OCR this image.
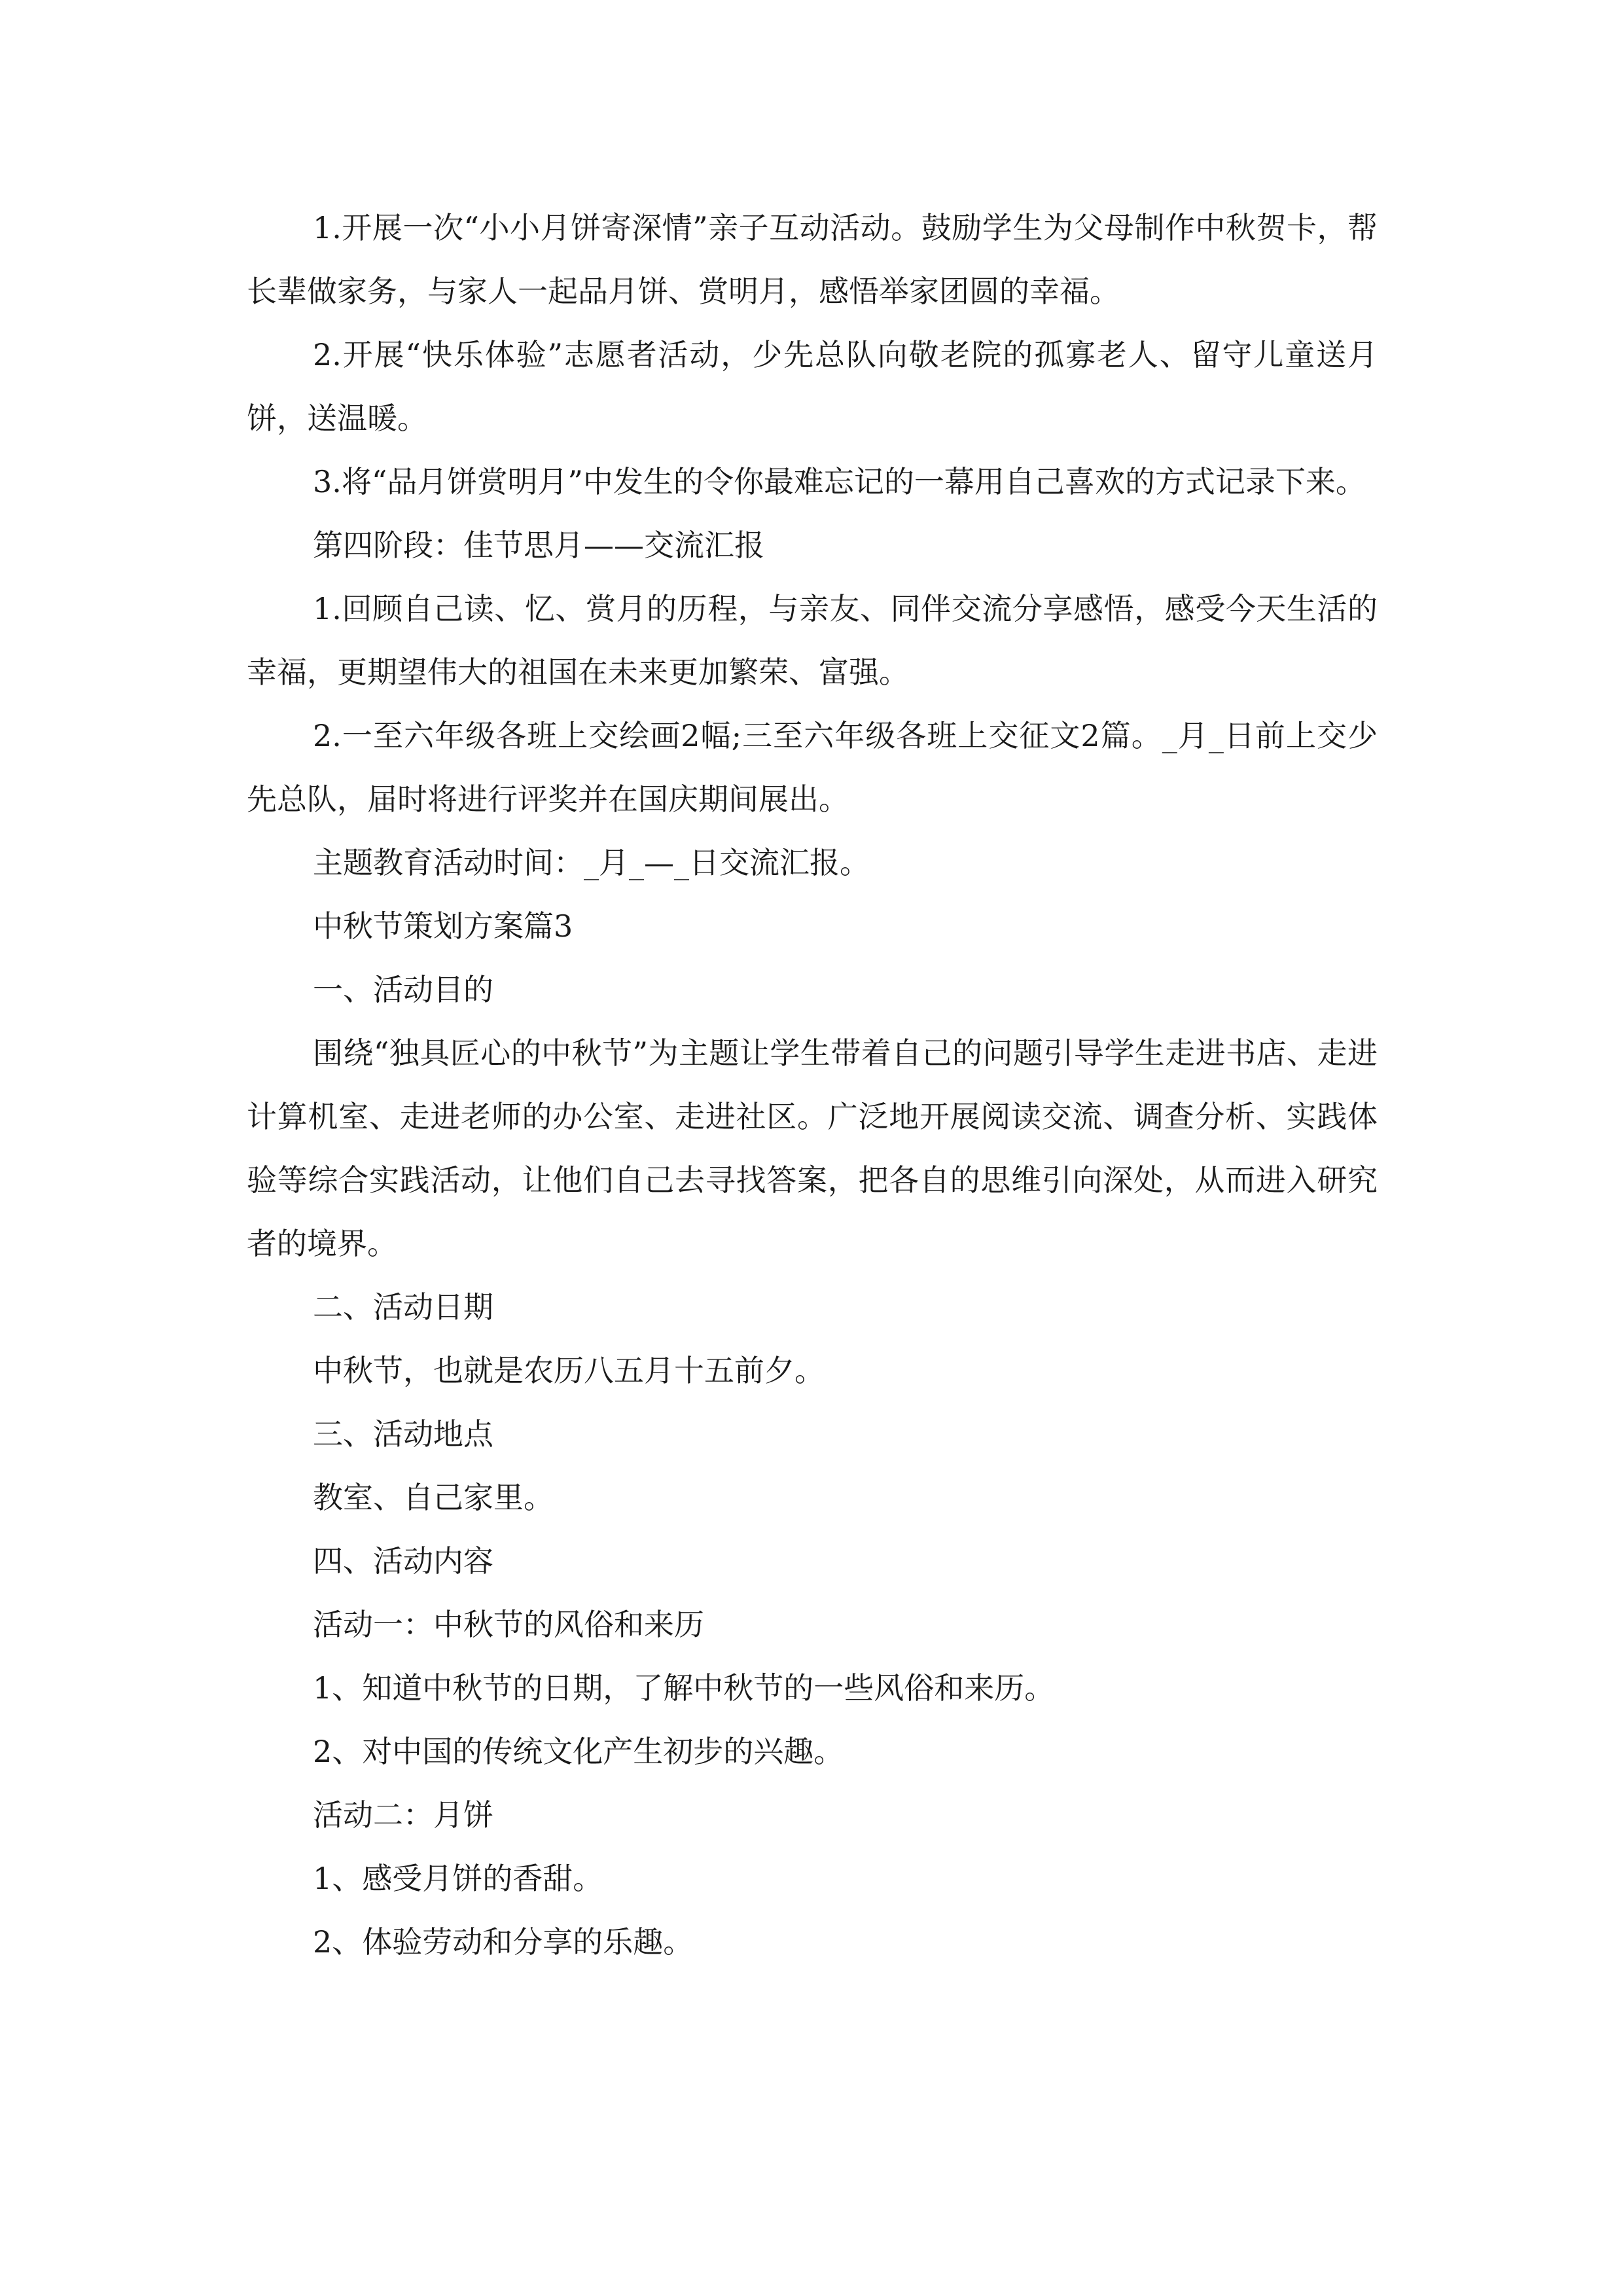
1.开展一次“小小月饼寄深情”亲子互动活动。鼓励学生为父母制作中秋贺卡，帮长辈做家务，与家人一起品月饼、赏明月，感悟举家团圆的幸福。

2.开展“快乐体验”志愿者活动，少先总队向敬老院的孤寡老人、留守儿童送月饼，送温暖。

3.将“品月饼赏明月”中发生的令你最难忘记的一幕用自己喜欢的方式记录下来。

第四阶段：佳节思月——交流汇报

1.回顾自己读、忆、赏月的历程，与亲友、同伴交流分享感悟，感受今天生活的幸福，更期望伟大的祖国在未来更加繁荣、富强。

2.一至六年级各班上交绘画2幅;三至六年级各班上交征文2篇。_月_日前上交少先总队，届时将进行评奖并在国庆期间展出。

主题教育活动时间：_月_—_日交流汇报。

中秋节策划方案篇3

一、活动目的

围绕“独具匠心的中秋节”为主题让学生带着自己的问题引导学生走进书店、走进计算机室、走进老师的办公室、走进社区。广泛地开展阅读交流、调查分析、实践体验等综合实践活动，让他们自己去寻找答案，把各自的思维引向深处，从而进入研究者的境界。

二、活动日期

中秋节，也就是农历八五月十五前夕。

三、活动地点

教室、自己家里。

四、活动内容

活动一：中秋节的风俗和来历

1、知道中秋节的日期，了解中秋节的一些风俗和来历。

2、对中国的传统文化产生初步的兴趣。

活动二：月饼

1、感受月饼的香甜。

2、体验劳动和分享的乐趣。
